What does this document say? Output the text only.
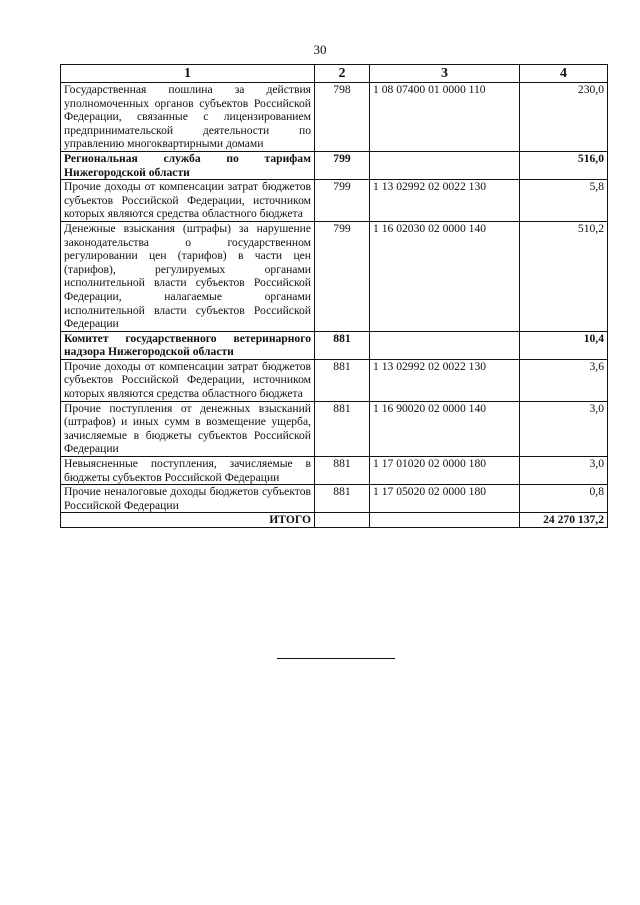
30
1	2	3	4
Государственная пошлина за действия уполномоченных органов субъектов Российской Федерации, связанные с лицензированием предпринимательской деятельности по управлению многоквартирными домами	798	1 08 07400 01 0000 110	230,0
Региональная служба по тарифам Нижегородской области	799		516,0
Прочие доходы от компенсации затрат бюджетов субъектов Российской Федерации, источником которых являются средства областного бюджета	799	1 13 02992 02 0022 130	5,8
Денежные взыскания (штрафы) за нарушение законодательства о государственном регулировании цен (тарифов) в части цен (тарифов), регулируемых органами исполнительной власти субъектов Российской Федерации, налагаемые органами исполнительной власти субъектов Российской Федерации	799	1 16 02030 02 0000 140	510,2
Комитет государственного ветеринарного надзора Нижегородской области	881		10,4
Прочие доходы от компенсации затрат бюджетов субъектов Российской Федерации, источником которых являются средства областного бюджета	881	1 13 02992 02 0022 130	3,6
Прочие поступления от денежных взысканий (штрафов) и иных сумм в возмещение ущерба, зачисляемые в бюджеты субъектов Российской Федерации	881	1 16 90020 02 0000 140	3,0
Невыясненные поступления, зачисляемые в бюджеты субъектов Российской Федерации	881	1 17 01020 02 0000 180	3,0
Прочие неналоговые доходы бюджетов субъектов Российской Федерации	881	1 17 05020 02 0000 180	0,8
ИТОГО			24 270 137,2
